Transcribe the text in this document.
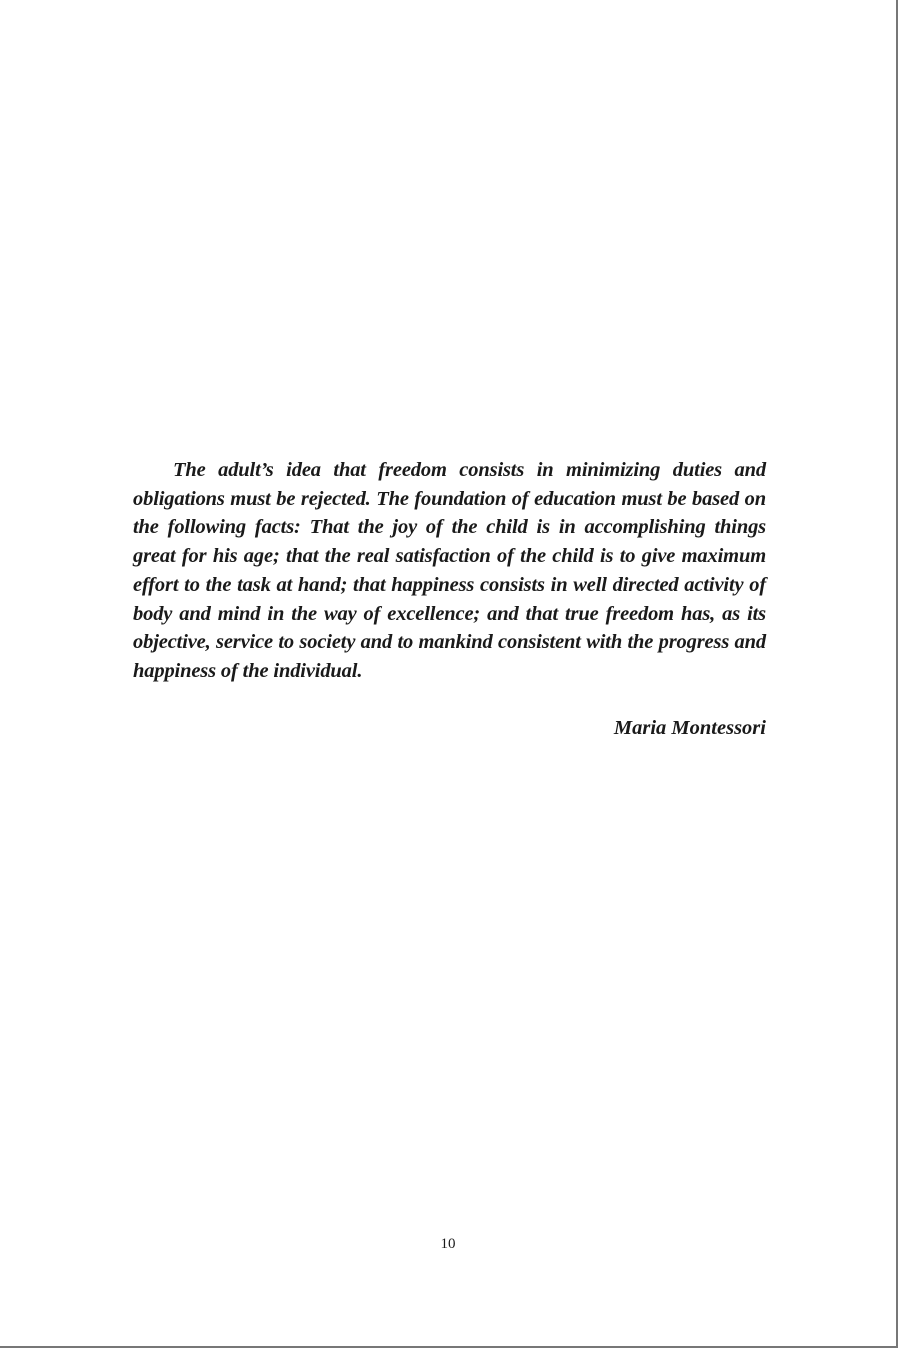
The adult’s idea that freedom consists in minimizing duties and obligations must be rejected. The foundation of education must be based on the following facts: That the joy of the child is in accomplishing things great for his age; that the real satisfaction of the child is to give maximum effort to the task at hand; that happiness consists in well directed activity of body and mind in the way of excellence; and that true freedom has, as its objective, service to society and to mankind consistent with the progress and happiness of the individual.

Maria Montessori

10
